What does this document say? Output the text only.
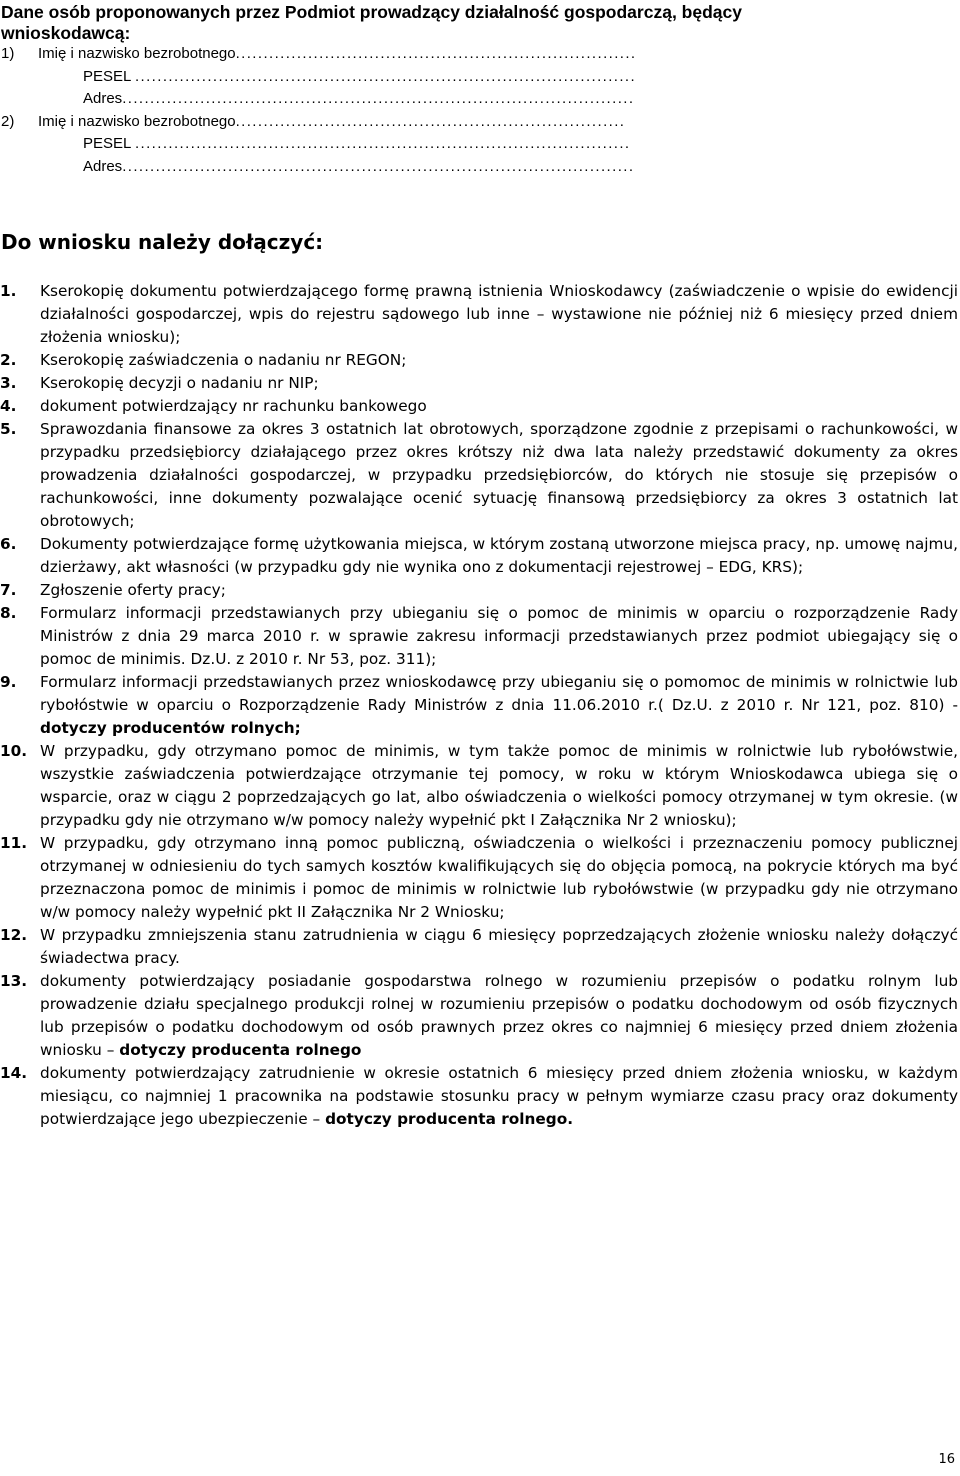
Dane osób proponowanych przez Podmiot prowadzący działalność gospodarczą, będący
wnioskodawcą:
1) Imię i nazwisko bezrobotnego........................................................................
PESEL ..........................................................................................
Adres............................................................................................
2) Imię i nazwisko bezrobotnego......................................................................
PESEL .........................................................................................
Adres............................................................................................
Do wniosku należy dołączyć:
1.	Kserokopię dokumentu potwierdzającego formę prawną istnienia Wnioskodawcy (zaświadczenie o wpisie do ewidencji działalności gospodarczej, wpis do rejestru sądowego lub inne – wystawione nie później niż 6 miesięcy przed dniem złożenia wniosku);
2.	Kserokopię zaświadczenia o nadaniu nr REGON;
3.	Kserokopię decyzji o nadaniu nr NIP;
4.	dokument potwierdzający nr rachunku bankowego
5.	Sprawozdania finansowe za okres 3 ostatnich lat obrotowych, sporządzone zgodnie z przepisami o rachunkowości, w przypadku przedsiębiorcy działającego przez okres krótszy niż dwa lata należy przedstawić dokumenty za okres prowadzenia działalności gospodarczej, w przypadku przedsiębiorców, do których nie stosuje się przepisów o rachunkowości, inne dokumenty pozwalające ocenić sytuację finansową przedsiębiorcy za okres 3 ostatnich lat obrotowych;
6.	Dokumenty potwierdzające formę użytkowania miejsca, w którym zostaną utworzone miejsca pracy, np. umowę najmu, dzierżawy, akt własności (w przypadku gdy nie wynika ono z dokumentacji rejestrowej – EDG, KRS);
7.	Zgłoszenie oferty pracy;
8.	Formularz informacji przedstawianych przy ubieganiu się o pomoc de minimis w oparciu o rozporządzenie Rady Ministrów z dnia 29 marca 2010 r. w sprawie zakresu informacji przedstawianych przez podmiot ubiegający się o pomoc de minimis. Dz.U. z 2010 r. Nr 53, poz. 311);
9.	Formularz informacji przedstawianych przez wnioskodawcę przy ubieganiu się o pomomoc de minimis w rolnictwie lub rybołóstwie w oparciu o Rozporządzenie Rady Ministrów z dnia 11.06.2010 r.( Dz.U. z 2010 r. Nr 121, poz. 810) - dotyczy producentów rolnych;
10. W przypadku, gdy otrzymano pomoc de minimis, w tym także pomoc de minimis w rolnictwie lub rybołówstwie, wszystkie zaświadczenia potwierdzające otrzymanie tej pomocy, w roku w którym Wnioskodawca ubiega się o wsparcie, oraz w ciągu 2 poprzedzających go lat, albo oświadczenia o wielkości pomocy otrzymanej w tym okresie. (w przypadku gdy nie otrzymano w/w pomocy należy wypełnić pkt I Załącznika Nr 2 wniosku);
11. W przypadku, gdy otrzymano inną pomoc publiczną, oświadczenia o wielkości i przeznaczeniu pomocy publicznej otrzymanej w odniesieniu do tych samych kosztów kwalifikujących się do objęcia pomocą, na pokrycie których ma być przeznaczona pomoc de minimis i pomoc de minimis w rolnictwie lub rybołówstwie (w przypadku gdy nie otrzymano w/w pomocy należy wypełnić pkt II Załącznika Nr 2 Wniosku;
12. W przypadku zmniejszenia stanu zatrudnienia w ciągu 6 miesięcy poprzedzających złożenie wniosku należy dołączyć świadectwa pracy.
13. dokumenty potwierdzający posiadanie gospodarstwa rolnego w rozumieniu przepisów o podatku rolnym lub prowadzenie działu specjalnego produkcji rolnej w rozumieniu przepisów o podatku dochodowym od osób fizycznych lub przepisów o podatku dochodowym od osób prawnych przez okres co najmniej 6 miesięcy przed dniem złożenia wniosku – dotyczy producenta rolnego
14. dokumenty potwierdzający zatrudnienie w okresie ostatnich 6 miesięcy przed dniem złożenia wniosku, w każdym miesiącu, co najmniej 1 pracownika na podstawie stosunku pracy w pełnym wymiarze czasu pracy oraz dokumenty potwierdzające jego ubezpieczenie – dotyczy producenta rolnego.
16
